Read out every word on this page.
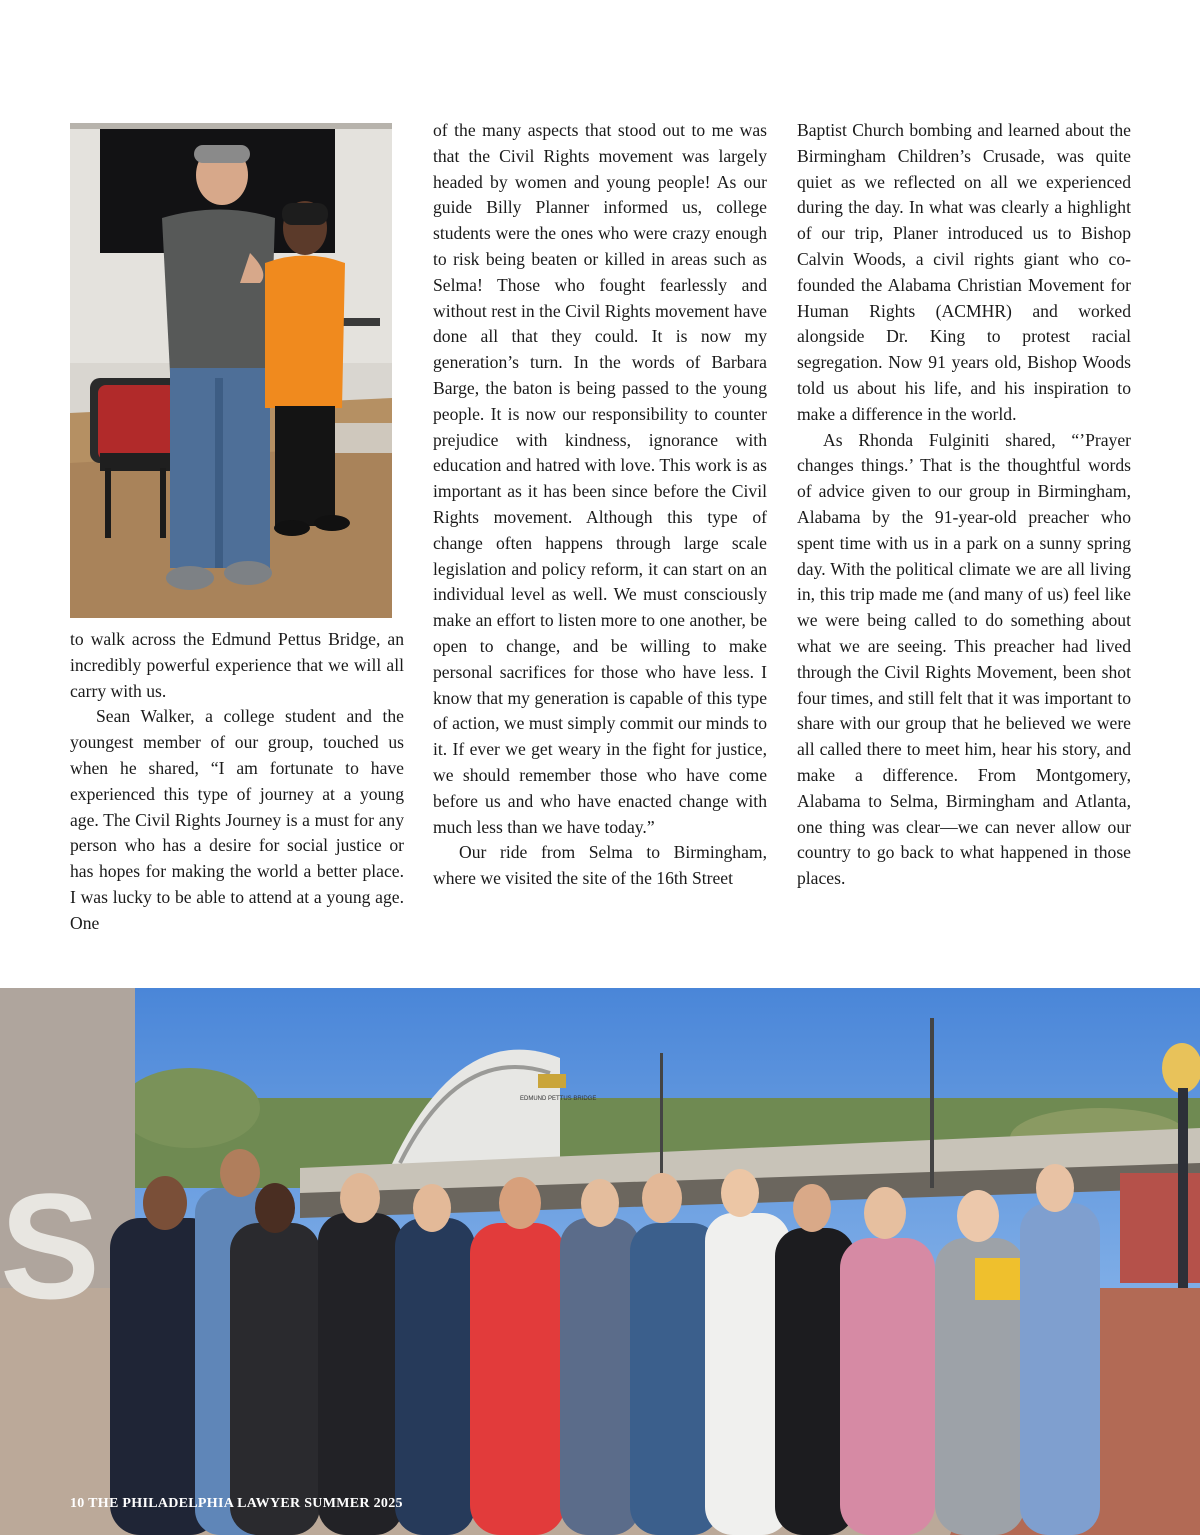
to walk across the Edmund Pettus Bridge, an incredibly powerful experience that we will all carry with us.

Sean Walker, a college student and the youngest member of our group, touched us when he shared, “I am fortunate to have experienced this type of journey at a young age. The Civil Rights Journey is a must for any person who has a desire for social justice or has hopes for making the world a better place. I was lucky to be able to attend at a young age. One

of the many aspects that stood out to me was that the Civil Rights movement was largely headed by women and young people! As our guide Billy Planner informed us, college students were the ones who were crazy enough to risk being beaten or killed in areas such as Selma! Those who fought fearlessly and without rest in the Civil Rights movement have done all that they could. It is now my generation’s turn. In the words of Barbara Barge, the baton is being passed to the young people. It is now our responsibility to counter prejudice with kindness, ignorance with education and hatred with love. This work is as important as it has been since before the Civil Rights movement. Although this type of change often happens through large scale legislation and policy reform, it can start on an individual level as well. We must consciously make an effort to listen more to one another, be open to change, and be willing to make personal sacrifices for those who have less. I know that my generation is capable of this type of action, we must simply commit our minds to it. If ever we get weary in the fight for justice, we should remember those who have come before us and who have enacted change with much less than we have today.”

Our ride from Selma to Birmingham, where we visited the site of the 16th Street

Baptist Church bombing and learned about the Birmingham Children’s Crusade, was quite quiet as we reflected on all we experienced during the day. In what was clearly a highlight of our trip, Planer introduced us to Bishop Calvin Woods, a civil rights giant who co-founded the Alabama Christian Movement for Human Rights (ACMHR) and worked alongside Dr. King to protest racial segregation. Now 91 years old, Bishop Woods told us about his life, and his inspiration to make a difference in the world.

As Rhonda Fulginiti shared, “’Prayer changes things.’ That is the thoughtful words of advice given to our group in Birmingham, Alabama by the 91-year-old preacher who spent time with us in a park on a sunny spring day. With the political climate we are all living in, this trip made me (and many of us) feel like we were being called to do something about what we are seeing. This preacher had lived through the Civil Rights Movement, been shot four times, and still felt that it was important to share with our group that he believed we were all called there to meet him, hear his story, and make a difference. From Montgomery, Alabama to Selma, Birmingham and Atlanta, one thing was clear—we can never allow our country to go back to what happened in those places.

EDMUND PETTUS BRIDGE
S
10 THE PHILADELPHIA LAWYER SUMMER 2025
